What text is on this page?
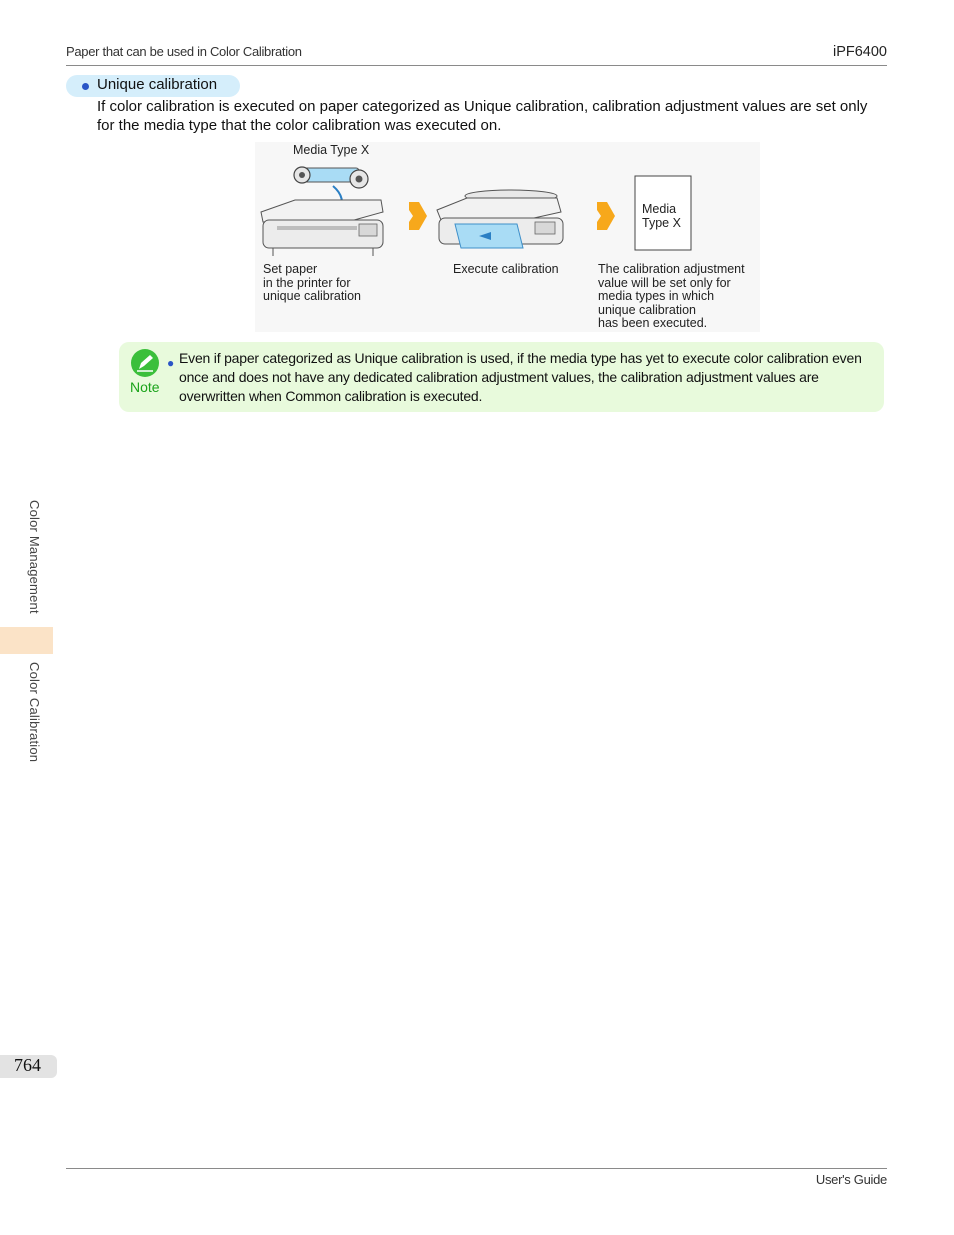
Paper that can be used in Color Calibration	iPF6400
Unique calibration
If color calibration is executed on paper categorized as Unique calibration, calibration adjustment values are set only for the media type that the color calibration was executed on.
Media Type X
Media
Type X
Set paper
in the printer for
unique calibration
Execute calibration	The calibration adjustment
value will be set only for
media types in which
unique calibration
has been executed.
Note
● Even if paper categorized as Unique calibration is used, if the media type has yet to execute color calibration even once and does not have any dedicated calibration adjustment values, the calibration adjustment values are overwritten when Common calibration is executed.
Color Management
Color Calibration
764
User's Guide
